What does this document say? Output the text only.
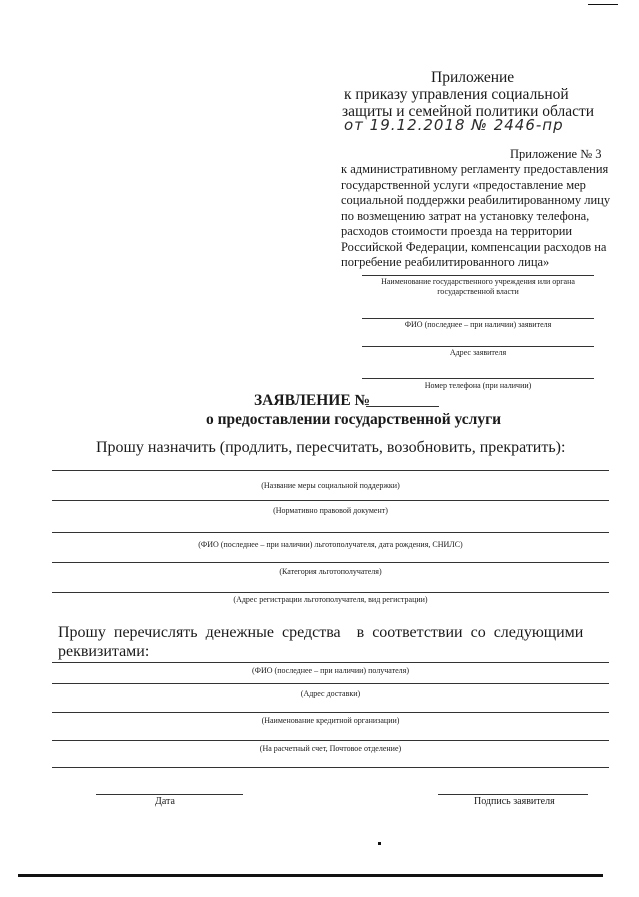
Приложение
к приказу управления социальной
защиты и семейной политики области
от 19.12.2018 № 2446-пр
Приложение № 3
к административному регламенту предоставления
государственной услуги «предоставление мер
социальной поддержки реабилитированному лицу
по возмещению затрат на установку телефона,
расходов стоимости проезда на территории
Российской Федерации, компенсации расходов на
погребение реабилитированного лица»
Наименование государственного учреждения или органа
государственной власти
ФИО (последнее – при наличии) заявителя
Адрес заявителя
Номер телефона (при наличии)
ЗАЯВЛЕНИЕ №
о предоставлении государственной услуги
Прошу назначить (продлить, пересчитать, возобновить, прекратить):
(Название меры социальной поддержки)
(Нормативно правовой документ)
(ФИО (последнее – при наличии) льготополучателя, дата рождения, СНИЛС)
(Категория льготополучателя)
(Адрес регистрации льготополучателя, вид регистрации)
Прошу  перечислять  денежные  средства    в  соответствии  со  следующими
реквизитами:
(ФИО (последнее – при наличии) получателя)
(Адрес доставки)
(Наименование кредитной организации)
(На расчетный счет, Почтовое отделение)
Дата	Подпись заявителя
